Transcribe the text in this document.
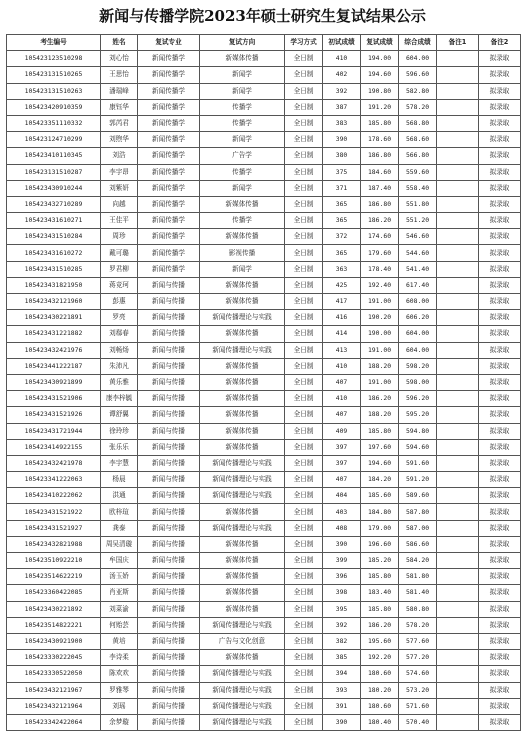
新闻与传播学院2023年硕士研究生复试结果公示
考生编号	姓名	复试专业	复试方向	学习方式	初试成绩	复试成绩	综合成绩	备注1	备注2
105423123510298	刘心怡	新闻传播学	新媒体传播	全日制	410	194.00	604.00		拟录取
105423131510265	王思怡	新闻传播学	新闻学	全日制	402	194.60	596.60		拟录取
105423131510263	潘瑞峰	新闻传播学	新闻学	全日制	392	190.80	582.80		拟录取
105423420910359	康钰华	新闻传播学	传播学	全日制	387	191.20	578.20		拟录取
105423351110332	郭芮君	新闻传播学	传播学	全日制	383	185.80	568.80		拟录取
105423124710299	刘煦华	新闻传播学	新闻学	全日制	390	178.60	568.60		拟录取
105423410110345	刘浩	新闻传播学	广告学	全日制	380	186.80	566.80		拟录取
105423131510287	李宇昂	新闻传播学	传播学	全日制	375	184.60	559.60		拟录取
105423430910244	刘紫妍	新闻传播学	新闻学	全日制	371	187.40	558.40		拟录取
105423432710289	向越	新闻传播学	新媒体传播	全日制	365	186.80	551.80		拟录取
105423431610271	王佳平	新闻传播学	传播学	全日制	365	186.20	551.20		拟录取
105423431510284	周珍	新闻传播学	新媒体传播	全日制	372	174.60	546.60		拟录取
105423431610272	戴可璐	新闻传播学	影视传播	全日制	365	179.60	544.60		拟录取
105423431510285	罗君柳	新闻传播学	新闻学	全日制	363	178.40	541.40		拟录取
105423431821950	蒋竞珂	新闻与传播	新媒体传播	全日制	425	192.40	617.40		拟录取
105423432121960	彭惠	新闻与传播	新媒体传播	全日制	417	191.00	608.00		拟录取
105423430221891	罗亮	新闻与传播	新闻传播理论与实践	全日制	416	190.20	606.20		拟录取
105423431221882	刘郗春	新闻与传播	新媒体传播	全日制	414	190.00	604.00		拟录取
105423432421976	刘畅炀	新闻与传播	新闻传播理论与实践	全日制	413	191.00	604.00		拟录取
105423441222187	朱沛凡	新闻与传播	新媒体传播	全日制	410	188.20	598.20		拟录取
105423430921899	黄乐雅	新闻与传播	新媒体传播	全日制	407	191.00	598.00		拟录取
105423431521906	康李梓毓	新闻与传播	新媒体传播	全日制	410	186.20	596.20		拟录取
105423431521926	谭舒翼	新闻与传播	新媒体传播	全日制	407	188.20	595.20		拟录取
105423431721944	徐玲珍	新闻与传播	新媒体传播	全日制	409	185.80	594.80		拟录取
105423414922155	张乐乐	新闻与传播	新媒体传播	全日制	397	197.60	594.60		拟录取
105423432421978	李宇慧	新闻与传播	新闻传播理论与实践	全日制	397	194.60	591.60		拟录取
105423341222063	杨晨	新闻与传播	新闻传播理论与实践	全日制	407	184.20	591.20		拟录取
105423410222062	洪通	新闻与传播	新闻传播理论与实践	全日制	404	185.60	589.60		拟录取
105423431521922	欧梓瑄	新闻与传播	新媒体传播	全日制	403	184.80	587.80		拟录取
105423431521927	龚泰	新闻与传播	新闻传播理论与实践	全日制	408	179.00	587.00		拟录取
105423432821988	周吴清璇	新闻与传播	新媒体传播	全日制	390	196.60	586.60		拟录取
105423510922210	牟国庆	新闻与传播	新媒体传播	全日制	399	185.20	584.20		拟录取
105423514622219	汤玉娇	新闻与传播	新媒体传播	全日制	396	185.80	581.80		拟录取
105423360422085	肖亚斯	新闻与传播	新媒体传播	全日制	398	183.40	581.40		拟录取
105423430221892	刘菜渝	新闻与传播	新媒体传播	全日制	395	185.80	580.80		拟录取
105423514822221	何贻芸	新闻与传播	新闻传播理论与实践	全日制	392	186.20	578.20		拟录取
105423430921900	黄培	新闻与传播	广告与文化创意	全日制	382	195.60	577.60		拟录取
105423330222045	李诗柔	新闻与传播	新媒体传播	全日制	385	192.20	577.20		拟录取
105423330522050	陈欢欢	新闻与传播	新闻传播理论与实践	全日制	394	180.60	574.60		拟录取
105423432121967	罗雅琴	新闻与传播	新闻传播理论与实践	全日制	393	180.20	573.20		拟录取
105423432121964	刘瑶	新闻与传播	新闻传播理论与实践	全日制	391	180.60	571.60		拟录取
105423342422064	余梦璇	新闻与传播	新闻传播理论与实践	全日制	390	180.40	570.40		拟录取
